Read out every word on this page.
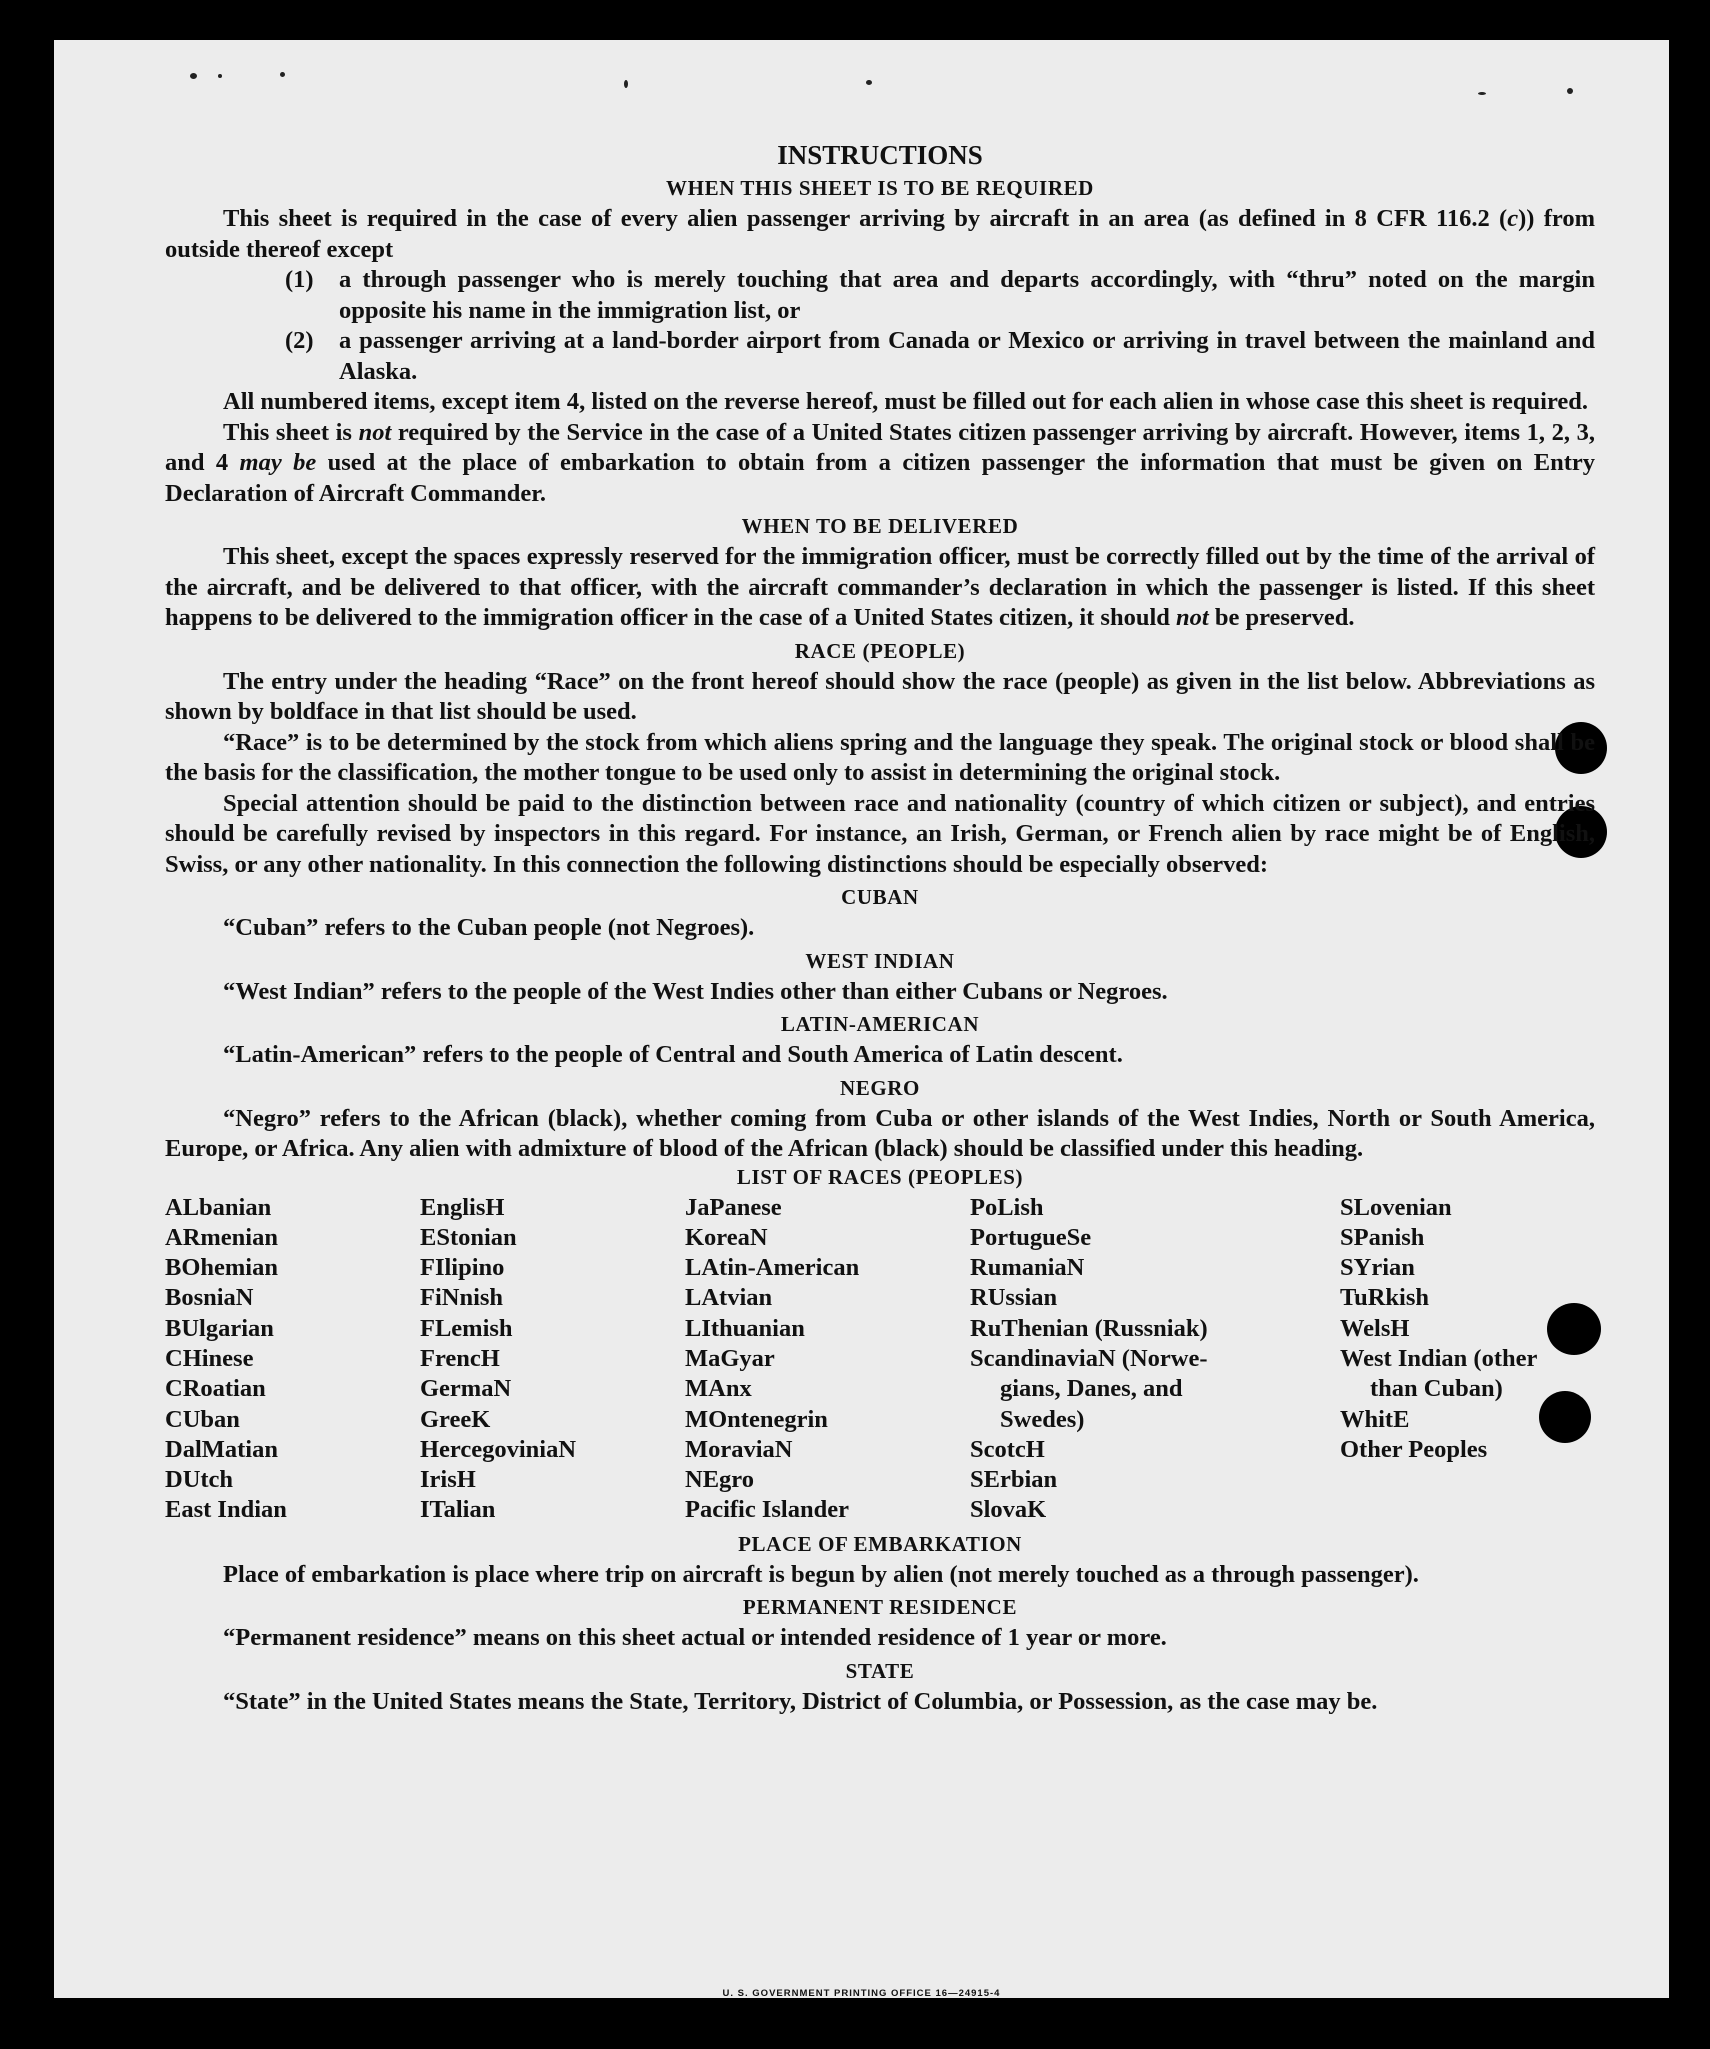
U. S. GOVERNMENT PRINTING OFFICE 16—24915-4
INSTRUCTIONS
WHEN THIS SHEET IS TO BE REQUIRED

This sheet is required in the case of every alien passenger arriving by aircraft in an area (as defined in 8 CFR 116.2 (c)) from outside thereof except

(1)	a through passenger who is merely touching that area and departs accordingly, with “thru” noted on the margin opposite his name in the immigration list, or
(2)	a passenger arriving at a land-border airport from Canada or Mexico or arriving in travel between the mainland and Alaska.

All numbered items, except item 4, listed on the reverse hereof, must be filled out for each alien in whose case this sheet is required.

This sheet is not required by the Service in the case of a United States citizen passenger arriving by aircraft. However, items 1, 2, 3, and 4 may be used at the place of embarkation to obtain from a citizen passenger the information that must be given on Entry Declaration of Aircraft Commander.

WHEN TO BE DELIVERED

This sheet, except the spaces expressly reserved for the immigration officer, must be correctly filled out by the time of the arrival of the aircraft, and be delivered to that officer, with the aircraft commander’s declaration in which the passenger is listed. If this sheet happens to be delivered to the immigration officer in the case of a United States citizen, it should not be preserved.

RACE (PEOPLE)

The entry under the heading “Race” on the front hereof should show the race (people) as given in the list below. Abbreviations as shown by boldface in that list should be used.

“Race” is to be determined by the stock from which aliens spring and the language they speak. The original stock or blood shall be the basis for the classification, the mother tongue to be used only to assist in determining the original stock.

Special attention should be paid to the distinction between race and nationality (country of which citizen or subject), and entries should be carefully revised by inspectors in this regard. For instance, an Irish, German, or French alien by race might be of English, Swiss, or any other nationality. In this connection the following distinctions should be especially observed:

CUBAN

“Cuban” refers to the Cuban people (not Negroes).

WEST INDIAN

“West Indian” refers to the people of the West Indies other than either Cubans or Negroes.

LATIN-AMERICAN

“Latin-American” refers to the people of Central and South America of Latin descent.

NEGRO

“Negro” refers to the African (black), whether coming from Cuba or other islands of the West Indies, North or South America, Europe, or Africa. Any alien with admixture of blood of the African (black) should be classified under this heading.

LIST OF RACES (PEOPLES)
ALbanian
ARmenian
BOhemian
BosniaN
BUlgarian
CHinese
CRoatian
CUban
DalMatian
DUtch
East Indian
EnglisH
EStonian
FIlipino
FiNnish
FLemish
FrencH
GermaN
GreeK
HercegoviniaN
IrisH
ITalian
JaPanese
KoreaN
LAtin-American
LAtvian
LIthuanian
MaGyar
MAnx
MOntenegrin
MoraviaN
NEgro
Pacific Islander
PoLish
PortugueSe
RumaniaN
RUssian
RuThenian (Russniak)
ScandinaviaN (Norwe-
gians, Danes, and
Swedes)
ScotcH
SErbian
SlovaK
SLovenian
SPanish
SYrian
TuRkish
WelsH
West Indian (other
than Cuban)
WhitE
Other Peoples
PLACE OF EMBARKATION

Place of embarkation is place where trip on aircraft is begun by alien (not merely touched as a through passenger).

PERMANENT RESIDENCE

“Permanent residence” means on this sheet actual or intended residence of 1 year or more.

STATE

“State” in the United States means the State, Territory, District of Columbia, or Possession, as the case may be.
